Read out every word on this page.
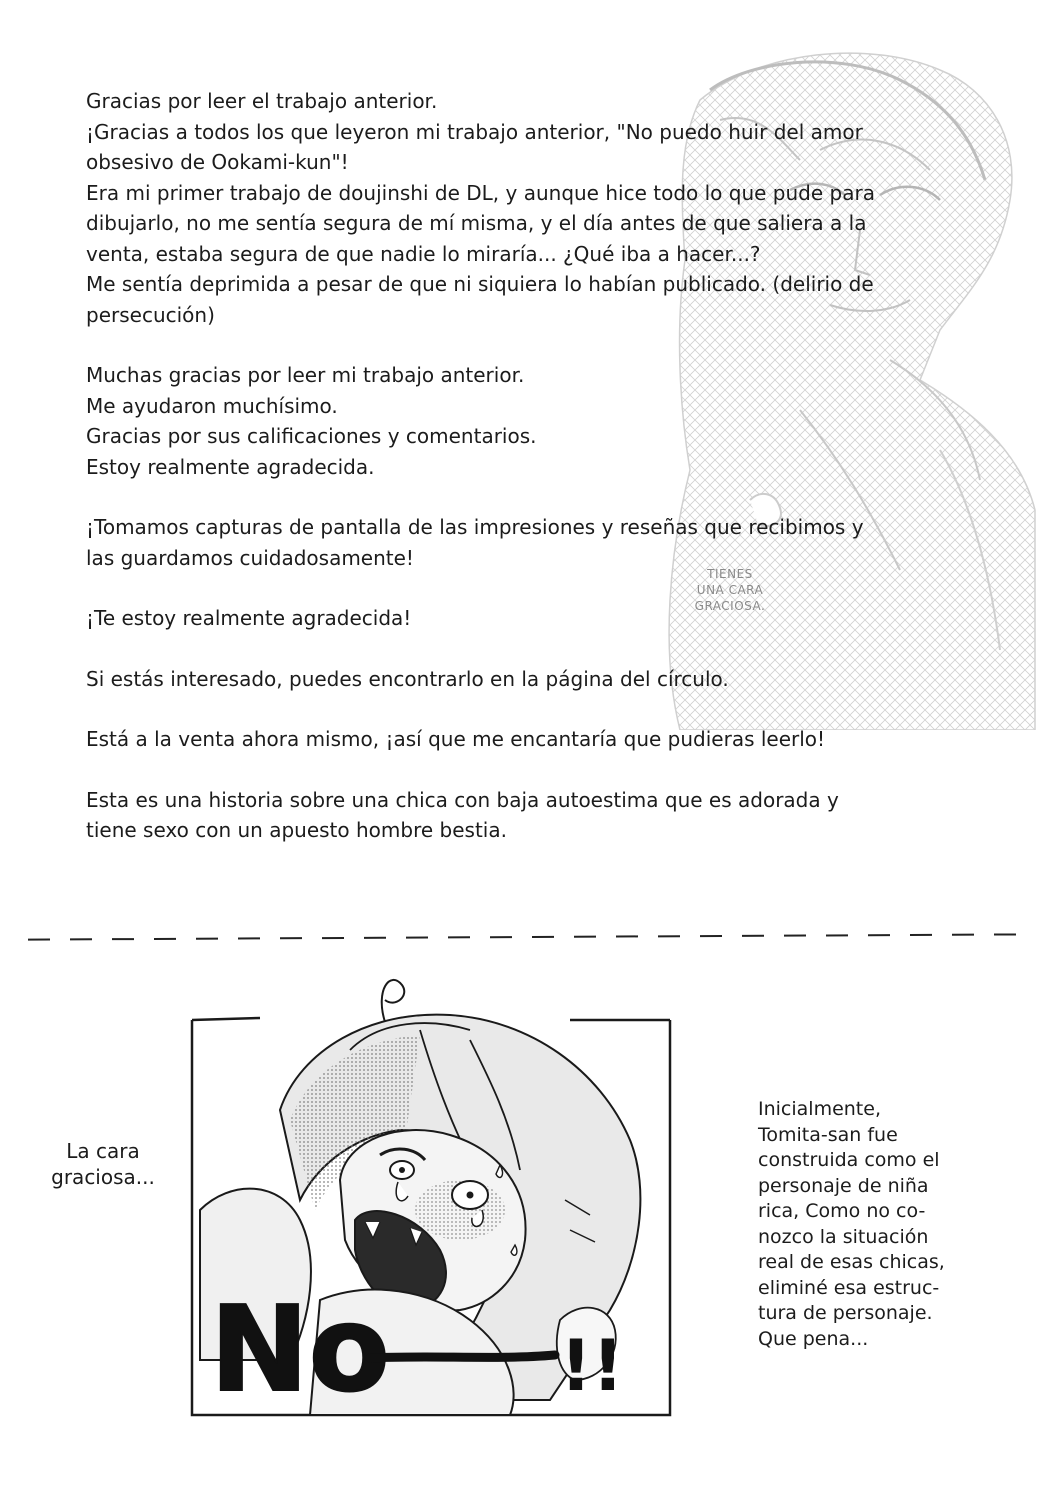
TIENES
UNA CARA
GRACIOSA.

Gracias por leer el trabajo anterior.
¡Gracias a todos los que leyeron mi trabajo anterior, "No puedo huir del amor
obsesivo de Ookami-kun"!
Era mi primer trabajo de doujinshi de DL, y aunque hice todo lo que pude para
dibujarlo, no me sentía segura de mí misma, y el día antes de que saliera a la
venta, estaba segura de que nadie lo miraría... ¿Qué iba a hacer...?
Me sentía deprimida a pesar de que ni siquiera lo habían publicado. (delirio de
persecución)

Muchas gracias por leer mi trabajo anterior.
Me ayudaron muchísimo.
Gracias por sus calificaciones y comentarios.
Estoy realmente agradecida.

¡Tomamos capturas de pantalla de las impresiones y reseñas que recibimos y
las guardamos cuidadosamente!

¡Te estoy realmente agradecida!

Si estás interesado, puedes encontrarlo en la página del círculo.

Está a la venta ahora mismo, ¡así que me encantaría que pudieras leerlo!

Esta es una historia sobre una chica con baja autoestima que es adorada y
tiene sexo con un apuesto hombre bestia.

No !!
La cara
graciosa...
Inicialmente,
Tomita-san fue
construida como el
personaje de niña
rica, Como no co-
nozco la situación
real de esas chicas,
eliminé esa estruc-
tura de personaje.
Que pena...
